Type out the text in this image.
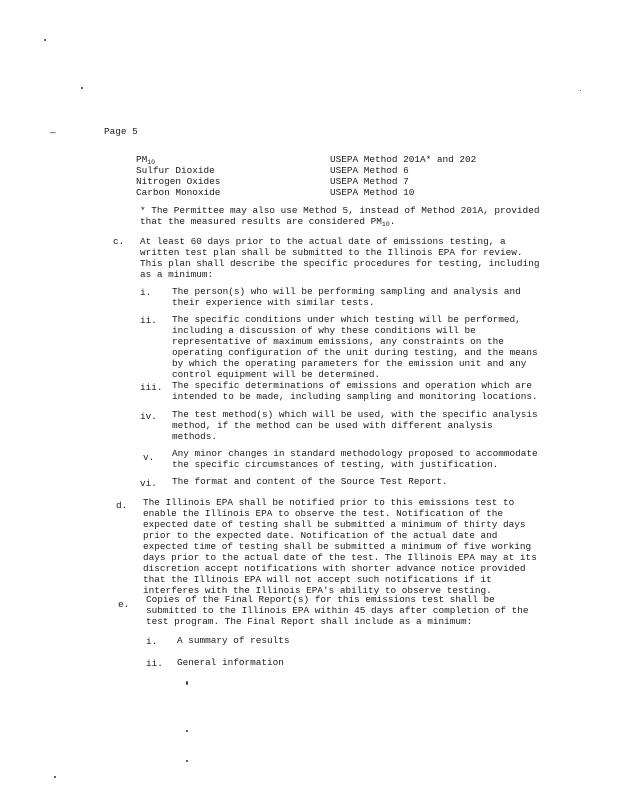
—	Page 5
$PM_{10}$	USEPA Method 201A* and 202
Sulfur Dioxide	USEPA Method 6
Nitrogen Oxides	USEPA Method 7
Carbon Monoxide	USEPA Method 10
* The Permittee may also use Method 5, instead of Method 201A, provided
that the measured results are considered $PM_{10}$.
c. At least 60 days prior to the actual date of emissions testing, a
written test plan shall be submitted to the Illinois EPA for review.
This plan shall describe the specific procedures for testing, including
as a minimum:
i. The person(s) who will be performing sampling and analysis and
their experience with similar tests.
ii. The specific conditions under which testing will be performed,
including a discussion of why these conditions will be
representative of maximum emissions, any constraints on the
operating configuration of the unit during testing, and the means
by which the operating parameters for the emission unit and any
control equipment will be determined.
iii. The specific determinations of emissions and operation which are
intended to be made, including sampling and monitoring locations.
iv. The test method(s) which will be used, with the specific analysis
method, if the method can be used with different analysis
methods.
v. Any minor changes in standard methodology proposed to accommodate
the specific circumstances of testing, with justification.
vi. The format and content of the Source Test Report.
d. The Illinois EPA shall be notified prior to this emissions test to
enable the Illinois EPA to observe the test. Notification of the
expected date of testing shall be submitted a minimum of thirty days
prior to the expected date. Notification of the actual date and
expected time of testing shall be submitted a minimum of five working
days prior to the actual date of the test. The Illinois EPA may at its
discretion accept notifications with shorter advance notice provided
that the Illinois EPA will not accept such notifications if it
interferes with the Illinois EPA's ability to observe testing.
e. Copies of the Final Report(s) for this emissions test shall be
submitted to the Illinois EPA within 45 days after completion of the
test program. The Final Report shall include as a minimum:
i. A summary of results
ii. General information
